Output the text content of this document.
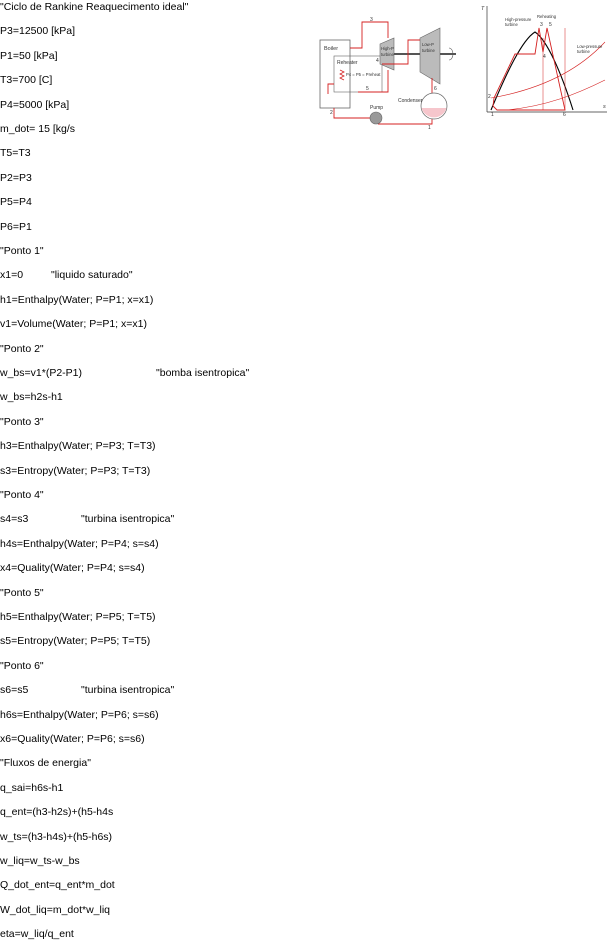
"Ciclo de Rankine Reaquecimento ideal"
P3=12500 [kPa]
P1=50 [kPa]
T3=700 [C]
P4=5000 [kPa]
m_dot= 15 [kg/s
T5=T3
P2=P3
P5=P4
P6=P1
"Ponto 1"
x1=0	"liquido saturado"
h1=Enthalpy(Water; P=P1; x=x1)
v1=Volume(Water; P=P1; x=x1)
"Ponto 2"
w_bs=v1*(P2-P1)	"bomba isentropica"
w_bs=h2s-h1
"Ponto 3"
h3=Enthalpy(Water; P=P3; T=T3)
s3=Entropy(Water; P=P3; T=T3)
"Ponto 4"
s4=s3	"turbina isentropica"
h4s=Enthalpy(Water; P=P4; s=s4)
x4=Quality(Water; P=P4; s=s4)
"Ponto 5"
h5=Enthalpy(Water; P=P5; T=T5)
s5=Entropy(Water; P=P5; T=T5)
"Ponto 6"
s6=s5	"turbina isentropica"
h6s=Enthalpy(Water; P=P6; s=s6)
x6=Quality(Water; P=P6; s=s6)
"Fluxos de energia"
q_sai=h6s-h1
q_ent=(h3-h2s)+(h5-h4s
w_ts=(h3-h4s)+(h5-h6s)
w_liq=w_ts-w_bs
Q_dot_ent=q_ent*m_dot
W_dot_liq=m_dot*w_liq
eta=w_liq/q_ent
Boiler
Reheater
P4 = P5 = Preheat
High-P
turbine
Low-P
turbine
Condenser
Pump
1
2
3
4
5	6
T
s
High-pressure
turbine
Reheating
Low-pressure
turbine
1
2
3
4
5
6
